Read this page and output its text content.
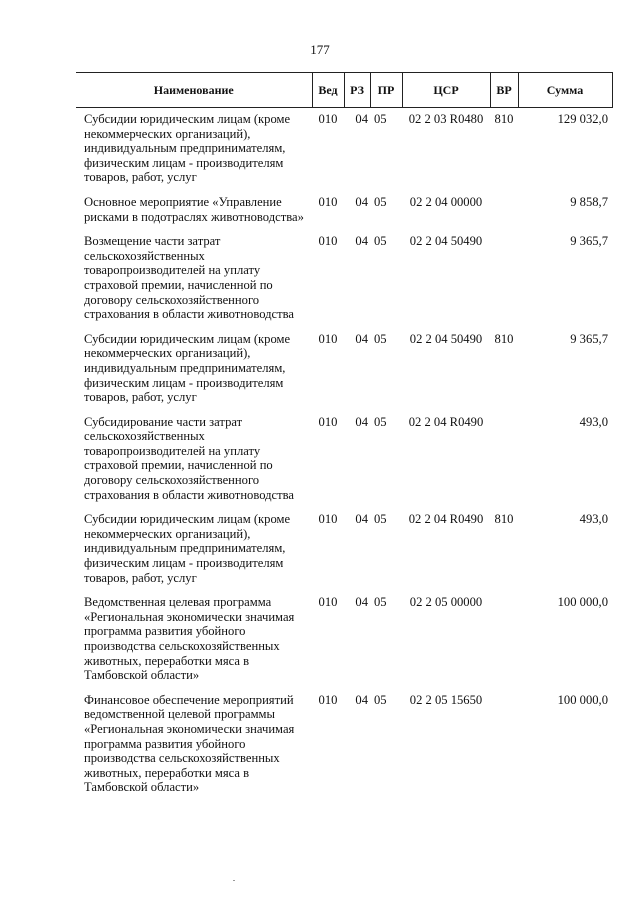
177
Наименование	Вед	РЗ	ПР	ЦСР	ВР	Сумма
Субсидии юридическим лицам (кроме некоммерческих организаций), индивидуальным предпринимателям, физическим лицам - производителям товаров, работ, услуг	010	04	05	02 2 03 R0480	810	129 032,0
Основное мероприятие «Управление рисками в подотраслях животноводства»	010	04	05	02 2 04 00000		9 858,7
Возмещение части затрат сельскохозяйственных товаропроизводителей на уплату страховой премии, начисленной по договору сельскохозяйственного страхования в области животноводства	010	04	05	02 2 04 50490		9 365,7
Субсидии юридическим лицам (кроме некоммерческих организаций), индивидуальным предпринимателям, физическим лицам - производителям товаров, работ, услуг	010	04	05	02 2 04 50490	810	9 365,7
Субсидирование части затрат сельскохозяйственных товаропроизводителей на уплату страховой премии, начисленной по договору сельскохозяйственного страхования в области животноводства	010	04	05	02 2 04 R0490		493,0
Субсидии юридическим лицам (кроме некоммерческих организаций), индивидуальным предпринимателям, физическим лицам - производителям товаров, работ, услуг	010	04	05	02 2 04 R0490	810	493,0
Ведомственная целевая программа «Региональная экономически значимая программа развития убойного производства сельскохозяйственных животных, переработки мяса в Тамбовской области»	010	04	05	02 2 05 00000		100 000,0
Финансовое обеспечение мероприятий ведомственной целевой программы «Региональная экономически значимая программа развития убойного производства сельскохозяйственных животных, переработки мяса в Тамбовской области»	010	04	05	02 2 05 15650		100 000,0
